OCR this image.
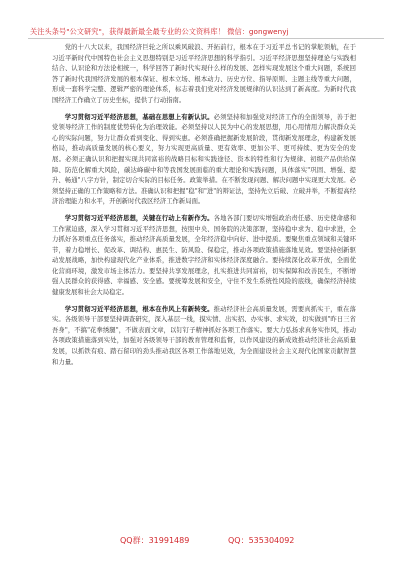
关注头条号"公文研究"，获得最新最全最专业的公文资料库！ 微信：gongwenyj

党的十八大以来，我国经济巨轮之所以乘风破浪、开拓前行，根本在于习近平总书记的掌舵领航，在于习近平新时代中国特色社会主义思想特别是习近平经济思想的科学指引。习近平经济思想坚持理论与实践相结合、认识论和方法论相统一，科学回答了新时代实现什么样的发展、怎样实现发展这个重大问题，系统回答了新时代我国经济发展的根本保证、根本立场、根本动力、历史方位、指导原则、主题主线等重大问题，形成一套科学完整、逻辑严密的理论体系，标志着我们党对经济发展规律的认识达到了新高度。为新时代我国经济工作确立了历史坐标，提供了行动指南。

学习贯彻习近平经济思想，基础在思想上有新认识。必须坚持和加强党对经济工作的全面领导，善于把党领导经济工作的制度优势转化为治理效能。必须坚持以人民为中心的发展思想，用心用情用力解决群众关心的实际问题，努力让群众看到变化、得到实惠。必须准确把握新发展阶段，贯彻新发展理念，构建新发展格局，推动高质量发展的核心要义，努力实现更高质量、更有效率、更加公平、更可持续、更为安全的发展。必须正确认识和把握实现共同富裕的战略目标和实践途径、资本的特性和行为规律、初级产品供给保障、防范化解重大风险，碳达峰碳中和等我国发展面临的重大理论和实践问题，具体落实"巩固、增强、提升、畅通"八字方针，制定切合实际的目标任务。政策举措。在不断发现问题、解决问题中实现更大发展。必须坚持正确的工作策略和方法。准确认识和把握"稳"和"进"的辩证法，坚持先立后破、立破并举，不断提高经济治理能力和水平，开创新时代我区经济工作新局面。

学习贯彻习近平经济思想，关键在行动上有新作为。各地各部门要切实增强政治责任感、历史使命感和工作紧迫感，深入学习贯彻习近平经济思想，按照中央、国务院的决策部署，坚持稳中求为、稳中求进，全力抓好各项重点任务落实，推动经济高质量发展，全年经济稳中向好、进中提质。要聚焦重点领域和关键环节，着力稳增长、促改革、调结构、惠民生、防风险、保稳定，推动各项政策措施落地见效。要坚持创新驱动发展战略，加快构建现代化产业体系，推进数字经济和实体经济深度融合。要持续深化改革开放，全面优化营商环境，激发市场主体活力。要坚持共享发展理念，扎实推进共同富裕，切实保障和改善民生，不断增强人民群众的获得感、幸福感、安全感。要统筹发展和安全，守住不发生系统性风险的底线，确保经济持续健康发展和社会大局稳定。

学习贯彻习近平经济思想，根本在作风上有新转变。推动经济社会高质量发展，需要真抓实干，重在落实。各级领导干部要坚持调查研究，深入基层一线，摸实情、出实招、办实事、求实效，切实做到"昨日三省吾身"，不搞"花拳绣腿"，不做表面文章，以钉钉子精神抓好各项工作落实。要大力弘扬求真务实作风，推动各项政策措施落到实处，加强对各级领导干部的教育管理和监督，以作风建设的新成效推动经济社会高质量发展，以抓铁有痕、踏石留印的劲头推动我区各项工作落地见效，为全面建设社会主义现代化国家贡献智慧和力量。

QQ群：31991489	QQ：535304092
